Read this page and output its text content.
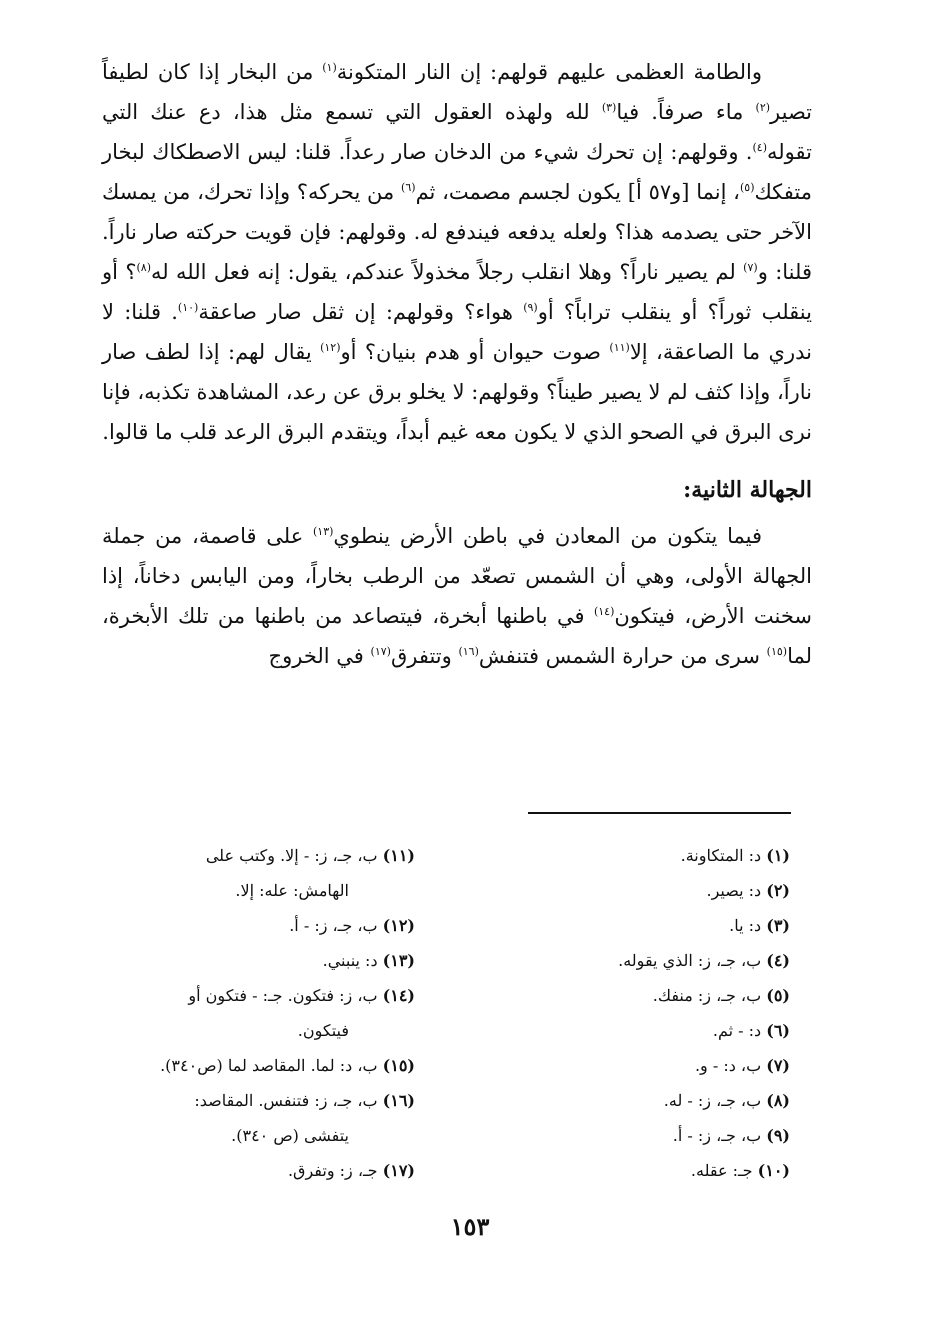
والطامة العظمى عليهم قولهم: إن النار المتكونة$^{(١)}$ من البخار إذا كان لطيفاً تصير$^{(٢)}$ ماء صرفاً. فيا$^{(٣)}$ لله ولهذه العقول التي تسمع مثل هذا، دع عنك التي تقوله$^{(٤)}$. وقولهم: إن تحرك شيء من الدخان صار رعداً. قلنا: ليس الاصطكاك لبخار متفكك$^{(٥)}$، إنما [و٥٧ أ] يكون لجسم مصمت، ثم$^{(٦)}$ من يحركه؟ وإذا تحرك، من يمسك الآخر حتى يصدمه هذا؟ ولعله يدفعه فيندفع له. وقولهم: فإن قويت حركته صار ناراً. قلنا: و$^{(٧)}$ لم يصير ناراً؟ وهلا انقلب رجلاً مخذولاً عندكم، يقول: إنه فعل الله له$^{(٨)}$؟ أو ينقلب ثوراً؟ أو ينقلب تراباً؟ أو$^{(٩)}$ هواء؟ وقولهم: إن ثقل صار صاعقة$^{(١٠)}$. قلنا: لا ندري ما الصاعقة، إلا$^{(١١)}$ صوت حيوان أو هدم بنيان؟ أو$^{(١٢)}$ يقال لهم: إذا لطف صار ناراً، وإذا كثف لم لا يصير طيناً؟ وقولهم: لا يخلو برق عن رعد، المشاهدة تكذبه، فإنا نرى البرق في الصحو الذي لا يكون معه غيم أبداً، ويتقدم البرق الرعد قلب ما قالوا.

الجهالة الثانية:

فيما يتكون من المعادن في باطن الأرض ينطوي$^{(١٣)}$ على قاصمة، من جملة الجهالة الأولى، وهي أن الشمس تصعّد من الرطب بخاراً، ومن اليابس دخاناً، إذا سخنت الأرض، فيتكون$^{(١٤)}$ في باطنها أبخرة، فيتصاعد من باطنها من تلك الأبخرة، لما$^{(١٥)}$ سرى من حرارة الشمس فتنفش$^{(١٦)}$ وتتفرق$^{(١٧)}$ في الخروج

(١) د: المتكاونة.

(٢) د: يصير.

(٣) د: يا.

(٤) ب، جـ، ز: الذي يقوله.

(٥) ب، جـ، ز: منفك.

(٦) د: - ثم.

(٧) ب، د: - و.

(٨) ب، جـ، ز: - له.

(٩) ب، جـ، ز: - أ.

(١٠) جـ: عقله.

(١١) ب، جـ، ز: - إلا. وكتب على

الهامش: عله: إلا.

(١٢) ب، جـ، ز: - أ.

(١٣) د: ينبني.

(١٤) ب، ز: فتكون. جـ: - فتكون أو

فيتكون.

(١٥) ب، د: لما. المقاصد لما (ص٣٤٠).

(١٦) ب، جـ، ز: فتنفس. المقاصد:

يتفشى (ص ٣٤٠).

(١٧) جـ، ز: وتفرق.

١٥٣
